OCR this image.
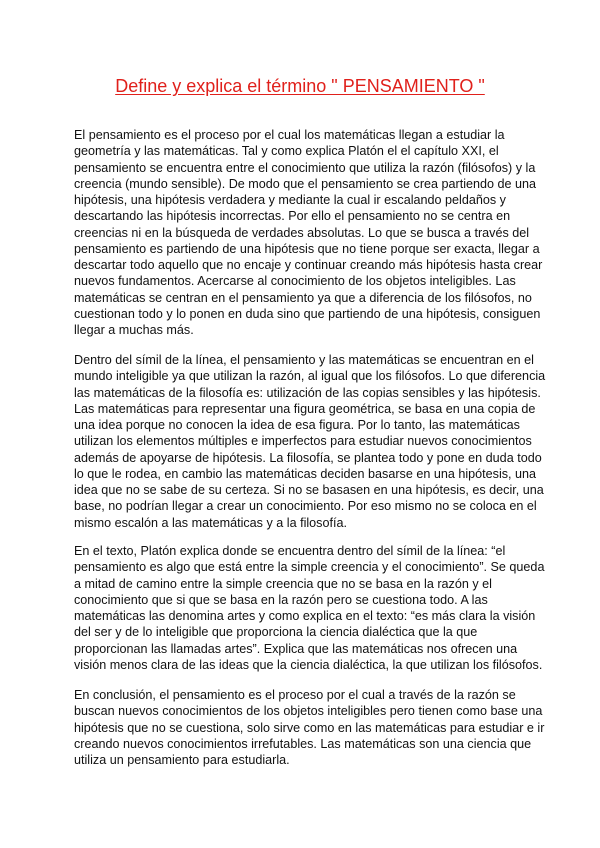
Define y explica el término " PENSAMIENTO "
El pensamiento es el proceso por el cual los matemáticas llegan a estudiar la
geometría y las matemáticas. Tal y como explica Platón el el capítulo XXI, el
pensamiento se encuentra entre el conocimiento que utiliza la razón (filósofos) y la
creencia (mundo sensible). De modo que el pensamiento se crea partiendo de una
hipótesis, una hipótesis verdadera y mediante la cual ir escalando peldaños y
descartando las hipótesis incorrectas. Por ello el pensamiento no se centra en
creencias ni en la búsqueda de verdades absolutas. Lo que se busca a través del
pensamiento es partiendo de una hipótesis que no tiene porque ser exacta, llegar a
descartar todo aquello que no encaje y continuar creando más hipótesis hasta crear
nuevos fundamentos. Acercarse al conocimiento de los objetos inteligibles. Las
matemáticas se centran en el pensamiento ya que a diferencia de los filósofos, no
cuestionan todo y lo ponen en duda sino que partiendo de una hipótesis, consiguen
llegar a muchas más.
Dentro del símil de la línea, el pensamiento y las matemáticas se encuentran en el
mundo inteligible ya que utilizan la razón, al igual que los filósofos. Lo que diferencia
las matemáticas de la filosofía es: utilización de las copias sensibles y las hipótesis.
Las matemáticas para representar una figura geométrica, se basa en una copia de
una idea porque no conocen la idea de esa figura. Por lo tanto, las matemáticas
utilizan los elementos múltiples e imperfectos para estudiar nuevos conocimientos
además de apoyarse de hipótesis. La filosofía, se plantea todo y pone en duda todo
lo que le rodea, en cambio las matemáticas deciden basarse en una hipótesis, una
idea que no se sabe de su certeza. Si no se basasen en una hipótesis, es decir, una
base, no podrían llegar a crear un conocimiento. Por eso mismo no se coloca en el
mismo escalón a las matemáticas y a la filosofía.
En el texto, Platón explica donde se encuentra dentro del símil de la línea: “el
pensamiento es algo que está entre la simple creencia y el conocimiento”. Se queda
a mitad de camino entre la simple creencia que no se basa en la razón y el
conocimiento que si que se basa en la razón pero se cuestiona todo. A las
matemáticas las denomina artes y como explica en el texto: “es más clara la visión
del ser y de lo inteligible que proporciona la ciencia dialéctica que la que
proporcionan las llamadas artes”. Explica que las matemáticas nos ofrecen una
visión menos clara de las ideas que la ciencia dialéctica, la que utilizan los filósofos.
En conclusión, el pensamiento es el proceso por el cual a través de la razón se
buscan nuevos conocimientos de los objetos inteligibles pero tienen como base una
hipótesis que no se cuestiona, solo sirve como en las matemáticas para estudiar e ir
creando nuevos conocimientos irrefutables. Las matemáticas son una ciencia que
utiliza un pensamiento para estudiarla.
